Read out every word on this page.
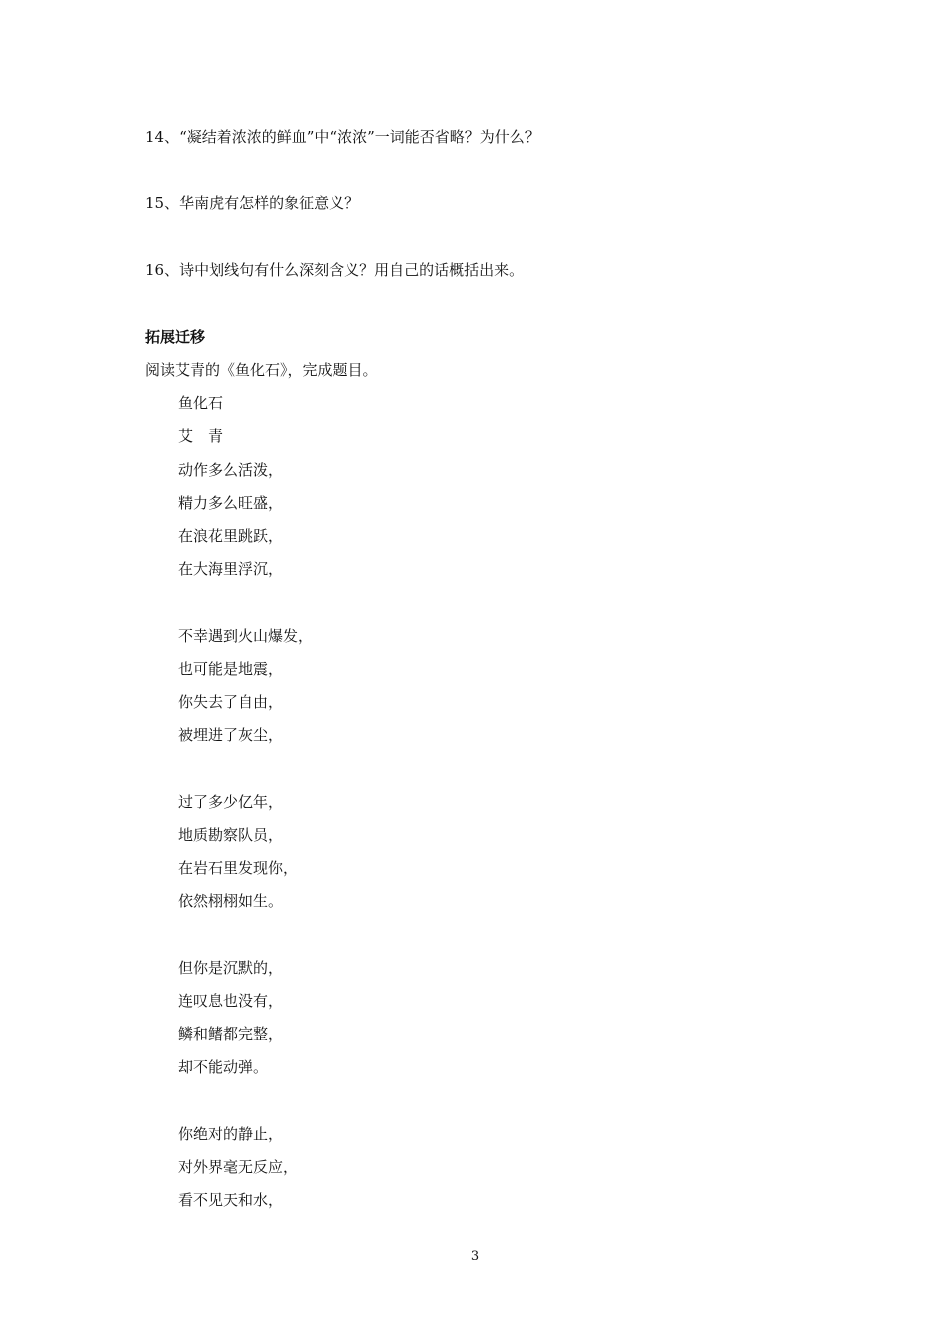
14、“凝结着浓浓的鲜血”中“浓浓”一词能否省略？为什么？
15、华南虎有怎样的象征意义？
16、诗中划线句有什么深刻含义？用自己的话概括出来。
拓展迁移
阅读艾青的《鱼化石》，完成题目。
鱼化石
艾　青
动作多么活泼，
精力多么旺盛，
在浪花里跳跃，
在大海里浮沉，
不幸遇到火山爆发，
也可能是地震，
你失去了自由，
被埋进了灰尘，
过了多少亿年，
地质勘察队员，
在岩石里发现你，
依然栩栩如生。
但你是沉默的，
连叹息也没有，
鳞和鳍都完整，
却不能动弹。
你绝对的静止，
对外界毫无反应，
看不见天和水，
3
